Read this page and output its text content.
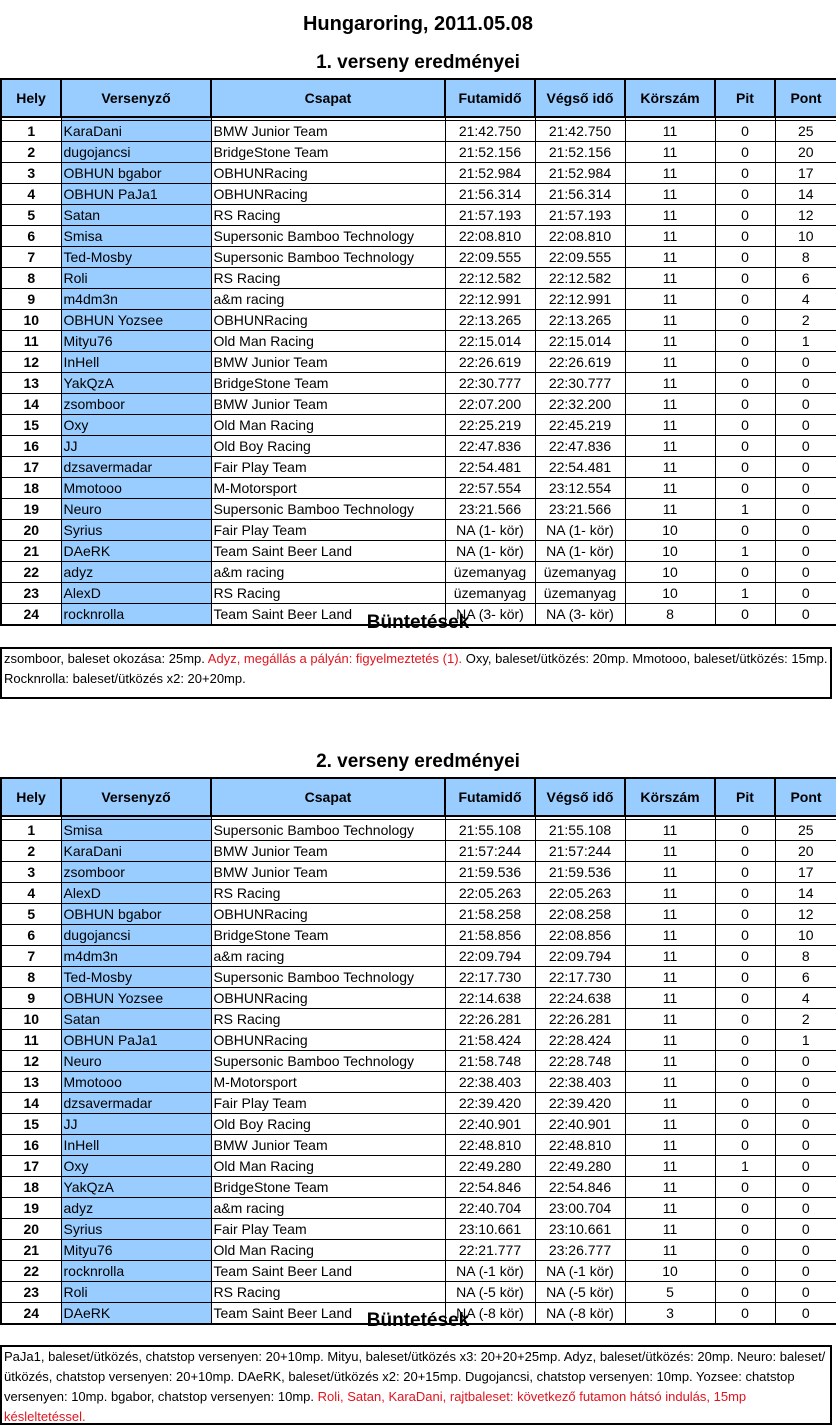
Hungaroring, 2011.05.08
1. verseny eredményei
Hely	Versenyző	Csapat	Futamidő	Végső idő	Körszám	Pit	Pont

1	KaraDani	BMW Junior Team	21:42.750	21:42.750	11	0	25
2	dugojancsi	BridgeStone Team	21:52.156	21:52.156	11	0	20
3	OBHUN bgabor	OBHUNRacing	21:52.984	21:52.984	11	0	17
4	OBHUN PaJa1	OBHUNRacing	21:56.314	21:56.314	11	0	14
5	Satan	RS Racing	21:57.193	21:57.193	11	0	12
6	Smisa	Supersonic Bamboo Technology	22:08.810	22:08.810	11	0	10
7	Ted-Mosby	Supersonic Bamboo Technology	22:09.555	22:09.555	11	0	8
8	Roli	RS Racing	22:12.582	22:12.582	11	0	6
9	m4dm3n	a&m racing	22:12.991	22:12.991	11	0	4
10	OBHUN Yozsee	OBHUNRacing	22:13.265	22:13.265	11	0	2
11	Mityu76	Old Man Racing	22:15.014	22:15.014	11	0	1
12	InHell	BMW Junior Team	22:26.619	22:26.619	11	0	0
13	YakQzA	BridgeStone Team	22:30.777	22:30.777	11	0	0
14	zsomboor	BMW Junior Team	22:07.200	22:32.200	11	0	0
15	Oxy	Old Man Racing	22:25.219	22:45.219	11	0	0
16	JJ	Old Boy Racing	22:47.836	22:47.836	11	0	0
17	dzsavermadar	Fair Play Team	22:54.481	22:54.481	11	0	0
18	Mmotooo	M-Motorsport	22:57.554	23:12.554	11	0	0
19	Neuro	Supersonic Bamboo Technology	23:21.566	23:21.566	11	1	0
20	Syrius	Fair Play Team	NA (1- kör)	NA (1- kör)	10	0	0
21	DAeRK	Team Saint Beer Land	NA (1- kör)	NA (1- kör)	10	1	0
22	adyz	a&m racing	üzemanyag	üzemanyag	10	0	0
23	AlexD	RS Racing	üzemanyag	üzemanyag	10	1	0
24	rocknrolla	Team Saint Beer Land	NA (3- kör)	NA (3- kör)	8	0	0
Büntetések
zsomboor, baleset okozása: 25mp. Adyz, megállás a pályán: figyelmeztetés (1). Oxy, baleset/ütközés: 20mp. Mmotooo, baleset/ütközés: 15mp. Rocknrolla: baleset/ütközés x2: 20+20mp.
2. verseny eredményei
Hely	Versenyző	Csapat	Futamidő	Végső idő	Körszám	Pit	Pont

1	Smisa	Supersonic Bamboo Technology	21:55.108	21:55.108	11	0	25
2	KaraDani	BMW Junior Team	21:57:244	21:57:244	11	0	20
3	zsomboor	BMW Junior Team	21:59.536	21:59.536	11	0	17
4	AlexD	RS Racing	22:05.263	22:05.263	11	0	14
5	OBHUN bgabor	OBHUNRacing	21:58.258	22:08.258	11	0	12
6	dugojancsi	BridgeStone Team	21:58.856	22:08.856	11	0	10
7	m4dm3n	a&m racing	22:09.794	22:09.794	11	0	8
8	Ted-Mosby	Supersonic Bamboo Technology	22:17.730	22:17.730	11	0	6
9	OBHUN Yozsee	OBHUNRacing	22:14.638	22:24.638	11	0	4
10	Satan	RS Racing	22:26.281	22:26.281	11	0	2
11	OBHUN PaJa1	OBHUNRacing	21:58.424	22:28.424	11	0	1
12	Neuro	Supersonic Bamboo Technology	21:58.748	22:28.748	11	0	0
13	Mmotooo	M-Motorsport	22:38.403	22:38.403	11	0	0
14	dzsavermadar	Fair Play Team	22:39.420	22:39.420	11	0	0
15	JJ	Old Boy Racing	22:40.901	22:40.901	11	0	0
16	InHell	BMW Junior Team	22:48.810	22:48.810	11	0	0
17	Oxy	Old Man Racing	22:49.280	22:49.280	11	1	0
18	YakQzA	BridgeStone Team	22:54.846	22:54.846	11	0	0
19	adyz	a&m racing	22:40.704	23:00.704	11	0	0
20	Syrius	Fair Play Team	23:10.661	23:10.661	11	0	0
21	Mityu76	Old Man Racing	22:21.777	23:26.777	11	0	0
22	rocknrolla	Team Saint Beer Land	NA (-1 kör)	NA (-1 kör)	10	0	0
23	Roli	RS Racing	NA (-5 kör)	NA (-5 kör)	5	0	0
24	DAeRK	Team Saint Beer Land	NA (-8 kör)	NA (-8 kör)	3	0	0
Büntetések
PaJa1, baleset/ütközés, chatstop versenyen: 20+10mp. Mityu, baleset/ütközés x3: 20+20+25mp. Adyz, baleset/ütközés: 20mp. Neuro: baleset/ütközés, chatstop versenyen: 20+10mp. DAeRK, baleset/ütközés x2: 20+15mp. Dugojancsi, chatstop versenyen: 10mp. Yozsee: chatstop versenyen: 10mp. bgabor, chatstop versenyen: 10mp. Roli, Satan, KaraDani, rajtbaleset: következő futamon hátsó indulás, 15mp késleltetéssel.
